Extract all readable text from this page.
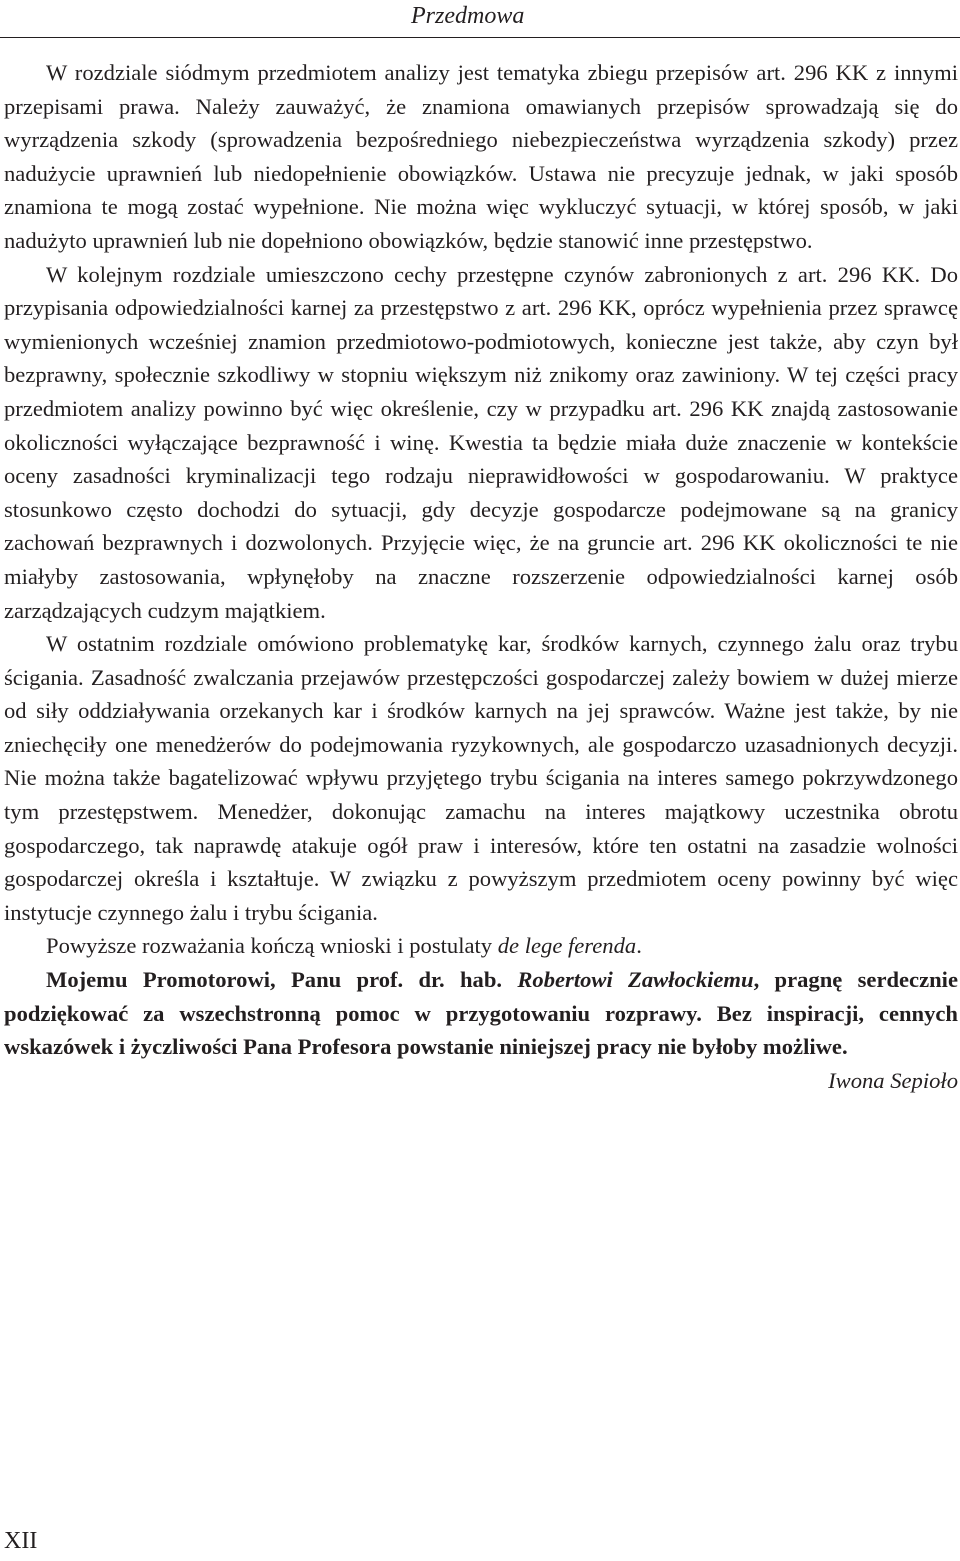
Przedmowa

W rozdziale siódmym przedmiotem analizy jest tematyka zbiegu przepisów art. 296 KK z innymi przepisami prawa. Należy zauważyć, że znamiona omawianych przepisów sprowadzają się do wyrządzenia szkody (sprowadzenia bezpośredniego niebezpieczeństwa wyrządzenia szkody) przez nadużycie uprawnień lub niedopełnienie obowiązków. Ustawa nie precyzuje jednak, w jaki sposób znamiona te mogą zostać wypełnione. Nie można więc wykluczyć sytuacji, w której sposób, w jaki nadużyto uprawnień lub nie dopełniono obowiązków, będzie stanowić inne przestępstwo.

W kolejnym rozdziale umieszczono cechy przestępne czynów zabronionych z art. 296 KK. Do przypisania odpowiedzialności karnej za przestępstwo z art. 296 KK, oprócz wypełnienia przez sprawcę wymienionych wcześniej znamion przedmiotowo-podmiotowych, konieczne jest także, aby czyn był bezprawny, społecznie szkodliwy w stopniu większym niż znikomy oraz zawiniony. W tej części pracy przedmiotem analizy powinno być więc określenie, czy w przypadku art. 296 KK znajdą zastosowanie okoliczności wyłączające bezprawność i winę. Kwestia ta będzie miała duże znaczenie w kontekście oceny zasadności kryminalizacji tego rodzaju nieprawidłowości w gospodarowaniu. W praktyce stosunkowo często dochodzi do sytuacji, gdy decyzje gospodarcze podejmowane są na granicy zachowań bezprawnych i dozwolonych. Przyjęcie więc, że na gruncie art. 296 KK okoliczności te nie miałyby zastosowania, wpłynęłoby na znaczne rozszerzenie odpowiedzialności karnej osób zarządzających cudzym majątkiem.

W ostatnim rozdziale omówiono problematykę kar, środków karnych, czynnego żalu oraz trybu ścigania. Zasadność zwalczania przejawów przestępczości gospodarczej zależy bowiem w dużej mierze od siły oddziaływania orzekanych kar i środków karnych na jej sprawców. Ważne jest także, by nie zniechęciły one menedżerów do podejmowania ryzykownych, ale gospodarczo uzasadnionych decyzji. Nie można także bagatelizować wpływu przyjętego trybu ścigania na interes samego pokrzywdzonego tym przestępstwem. Menedżer, dokonując zamachu na interes majątkowy uczestnika obrotu gospodarczego, tak naprawdę atakuje ogół praw i interesów, które ten ostatni na zasadzie wolności gospodarczej określa i kształtuje. W związku z powyższym przedmiotem oceny powinny być więc instytucje czynnego żalu i trybu ścigania.

Powyższe rozważania kończą wnioski i postulaty de lege ferenda.

Mojemu Promotorowi, Panu prof. dr. hab. Robertowi Zawłockiemu, pragnę serdecznie podziękować za wszechstronną pomoc w przygotowaniu rozprawy. Bez inspiracji, cennych wskazówek i życzliwości Pana Profesora powstanie niniejszej pracy nie byłoby możliwe.

Iwona Sepioło

XII
